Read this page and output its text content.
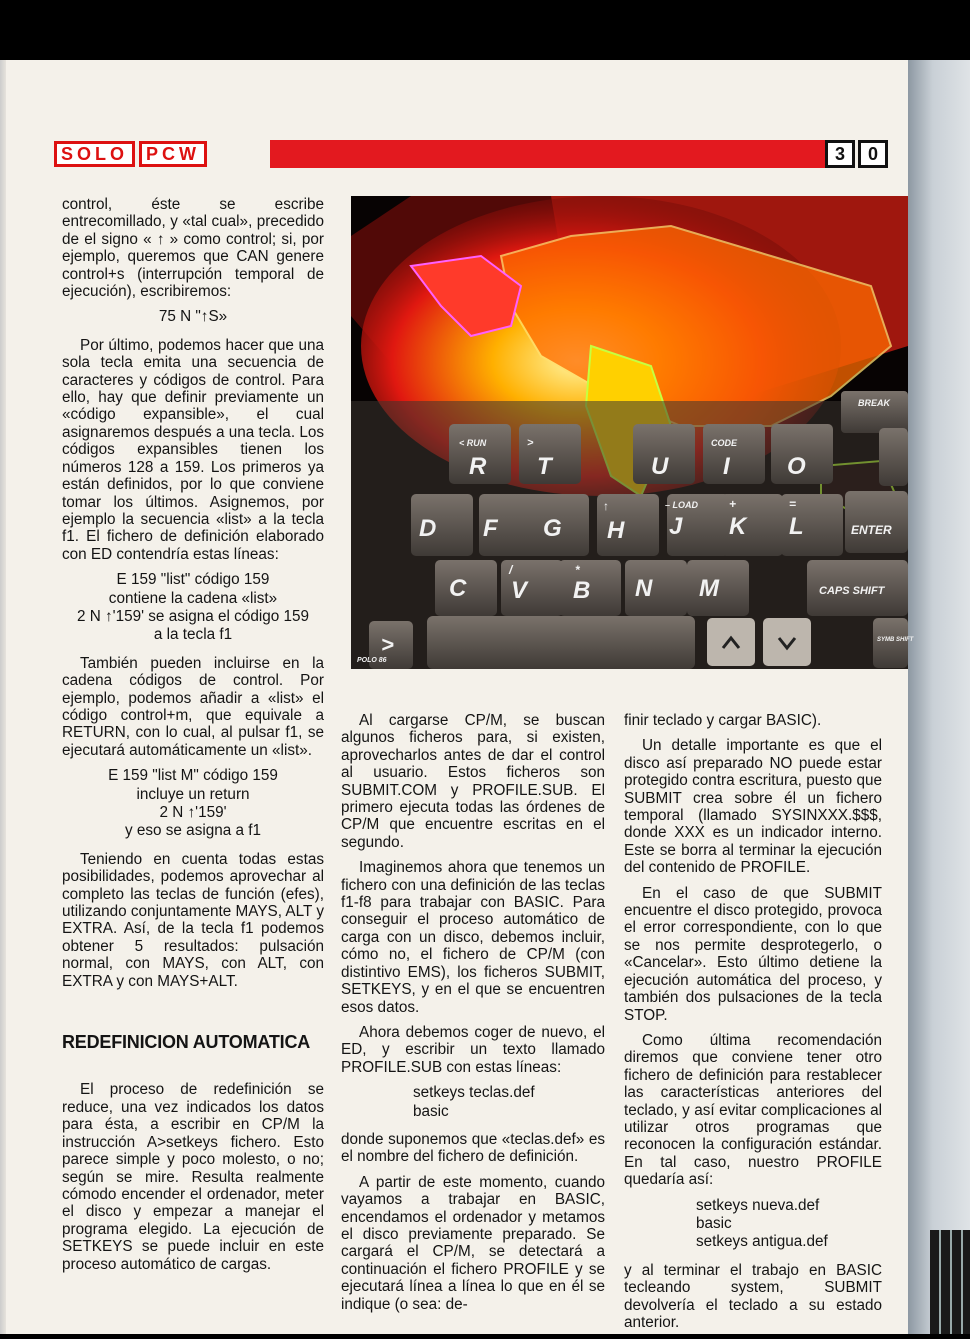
SOLO	PCW	3	0

control, éste se escribe entrecomillado, y «tal cual», precedido de el signo « ↑ » como control; si, por ejemplo, queremos que CAN genere control+s (interrupción temporal de ejecución), escribiremos:

75 N "↑S»

Por último, podemos hacer que una sola tecla emita una secuencia de caracteres y códigos de control. Para ello, hay que definir previamente un «código expansible», el cual asignaremos después a una tecla. Los códigos expansibles tienen los números 128 a 159. Los primeros ya están definidos, por lo que conviene tomar los últimos. Asignemos, por ejemplo la secuencia «list» a la tecla f1. El fichero de definición elaborado con ED contendría estas líneas:

E 159 "list" código 159
contiene la cadena «list»
2 N ↑'159' se asigna el código 159
a la tecla f1

También pueden incluirse en la cadena códigos de control. Por ejemplo, podemos añadir a «list» el código control+m, que equivale a RETURN, con lo cual, al pulsar f1, se ejecutará automáticamente un «list».

E 159 "list M" código 159
incluye un return
2 N ↑'159'
y eso se asigna a f1

Teniendo en cuenta todas estas posibilidades, podemos aprovechar al completo las teclas de función (efes), utilizando conjuntamente MAYS, ALT y EXTRA. Así, de la tecla f1 podemos obtener 5 resultados: pulsación normal, con MAYS, con ALT, con EXTRA y con MAYS+ALT.

REDEFINICION AUTOMATICA

El proceso de redefinición se reduce, una vez indicados los datos para ésta, a escribir en CP/M la instrucción A>setkeys fichero. Esto parece simple y poco molesto, o no; según se mire. Resulta realmente cómodo encender el ordenador, meter el disco y empezar a manejar el programa elegido. La ejecución de SETKEYS se puede incluir en este proceso automático de cargas.

BREAK
< RUN
R
>
T	U
CODE
I O
D F G
↑
H
– LOAD
J
+
K
=
L	ENTER
C
/
V
*
B N M	CAPS SHIFT
SYMB SHIFT
>
POLO 86

Al cargarse CP/M, se buscan algunos ficheros para, si existen, aprovecharlos antes de dar el control al usuario. Estos ficheros son SUBMIT.COM y PROFILE.SUB. El primero ejecuta todas las órdenes de CP/M que encuentre escritas en el segundo.

Imaginemos ahora que tenemos un fichero con una definición de las teclas f1-f8 para trabajar con BASIC. Para conseguir el proceso automático de carga con un disco, debemos incluir, cómo no, el fichero de CP/M (con distintivo EMS), los ficheros SUBMIT, SETKEYS, y en el que se encuentren esos datos.

Ahora debemos coger de nuevo, el ED, y escribir un texto llamado PROFILE.SUB con estas líneas:

setkeys teclas.def
basic

donde suponemos que «teclas.def» es el nombre del fichero de definición.

A partir de este momento, cuando vayamos a trabajar en BASIC, encendamos el ordenador y metamos el disco previamente preparado. Se cargará el CP/M, se detectará a continuación el fichero PROFILE y se ejecutará línea a línea lo que en él se indique (o sea: de-

finir teclado y cargar BASIC).

Un detalle importante es que el disco así preparado NO puede estar protegido contra escritura, puesto que SUBMIT crea sobre él un fichero temporal (llamado SYSINXXX.$$$, donde XXX es un indicador interno. Este se borra al terminar la ejecución del contenido de PROFILE.

En el caso de que SUBMIT encuentre el disco protegido, provoca el error correspondiente, con lo que se nos permite desprotegerlo, o «Cancelar». Esto último detiene la ejecución automática del proceso, y también dos pulsaciones de la tecla STOP.

Como última recomendación diremos que conviene tener otro fichero de definición para restablecer las características anteriores del teclado, y así evitar complicaciones al utilizar otros programas que reconocen la configuración estándar. En tal caso, nuestro PROFILE quedaría así:

setkeys nueva.def
basic
setkeys antigua.def

y al terminar el trabajo en BASIC tecleando system, SUBMIT devolvería el teclado a su estado anterior.
